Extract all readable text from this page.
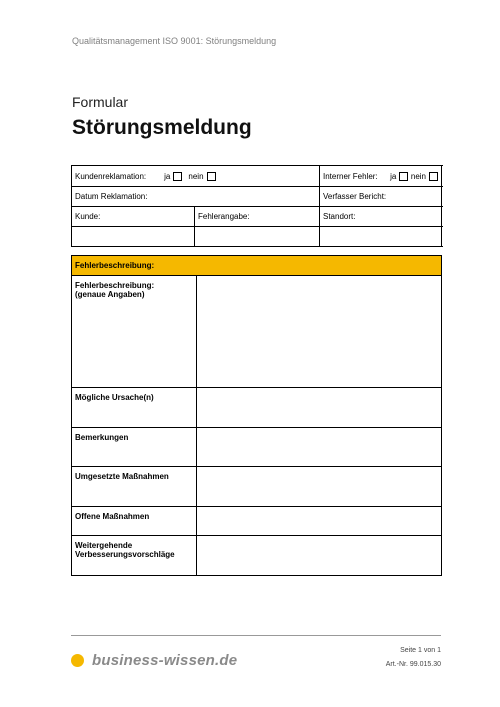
Qualitätsmanagement ISO 9001: Störungsmeldung
Formular
Störungsmeldung
Kundenreklamation: ja nein		Interner Fehler: ja nein

Datum Reklamation:		Verfasser Bericht:
Kunde:	Fehlerangabe:	Standort:

Fehlerbeschreibung:	

Fehlerbeschreibung:
(genaue Angaben)	

Mögliche Ursache(n)	
Bemerkungen	
Umgesetzte Maßnahmen	
Offene Maßnahmen	

Weitergehende
Verbesserungsvorschläge	

business-wissen.de
Seite 1 von 1
Art.-Nr. 99.015.30
